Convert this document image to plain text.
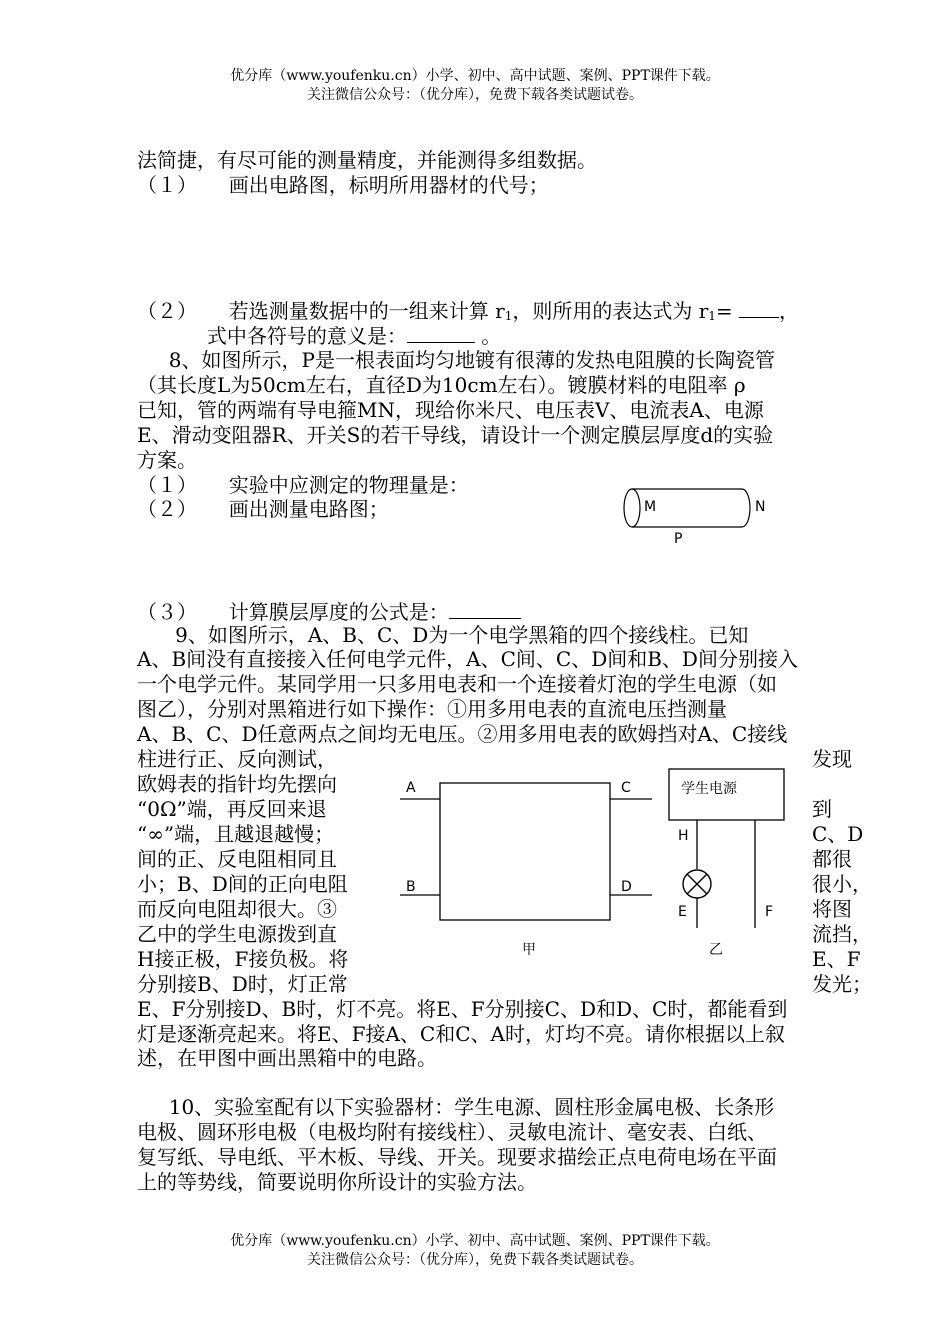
优分库（www.youfenku.cn）小学、初中、高中试题、案例、PPT课件下载。
关注微信公众号：（优分库），免费下载各类试题试卷。
法简捷，有尽可能的测量精度，并能测得多组数据。
（１）     画出电路图，标明所用器材的代号；
（２）     若选测量数据中的一组来计算 r1，则所用的表达式为 r1= ，
式中各符号的意义是：	。
8、如图所示，P是一根表面均匀地镀有很薄的发热电阻膜的长陶瓷管
（其长度L为50cm左右，直径D为10cm左右）。镀膜材料的电阻率 ρ
已知，管的两端有导电箍MN，现给你米尺、电压表V、电流表A、电源
E、滑动变阻器R、开关S的若干导线，请设计一个测定膜层厚度d的实验
方案。
（１）     实验中应测定的物理量是：
（２）     画出测量电路图；
（３）     计算膜层厚度的公式是：
M	N
P
9、如图所示，A、B、C、D为一个电学黑箱的四个接线柱。已知
A、B间没有直接接入任何电学元件，A、C间、C、D间和B、D间分别接入
一个电学元件。某同学用一只多用电表和一个连接着灯泡的学生电源（如
图乙），分别对黑箱进行如下操作：①用多用电表的直流电压挡测量
A、B、C、D任意两点之间均无电压。②用多用电表的欧姆挡对A、C接线
柱进行正、反向测试，	发现
欧姆表的指针均先摆向
“0Ω”端，再反回来退	到
“∞”端，且越退越慢；	C、D
间的正、反电阻相同且	都很
小；B、D间的正向电阻	很小，
而反向电阻却很大。③	将图
乙中的学生电源拨到直	流挡，
H接正极，F接负极。将	E、F
分别接B、D时，灯正常	发光；
E、F分别接D、B时，灯不亮。将E、F分别接C、D和D、C时，都能看到
灯是逐渐亮起来。将E、F接A、C和C、A时，灯均不亮。请你根据以上叙
述，在甲图中画出黑箱中的电路。
A	C
B	D
甲
学生电源
H
E	F
乙
10、实验室配有以下实验器材：学生电源、圆柱形金属电极、长条形
电极、圆环形电极（电极均附有接线柱）、灵敏电流计、毫安表、白纸、
复写纸、导电纸、平木板、导线、开关。现要求描绘正点电荷电场在平面
上的等势线，简要说明你所设计的实验方法。
优分库（www.youfenku.cn）小学、初中、高中试题、案例、PPT课件下载。
关注微信公众号：（优分库），免费下载各类试题试卷。
